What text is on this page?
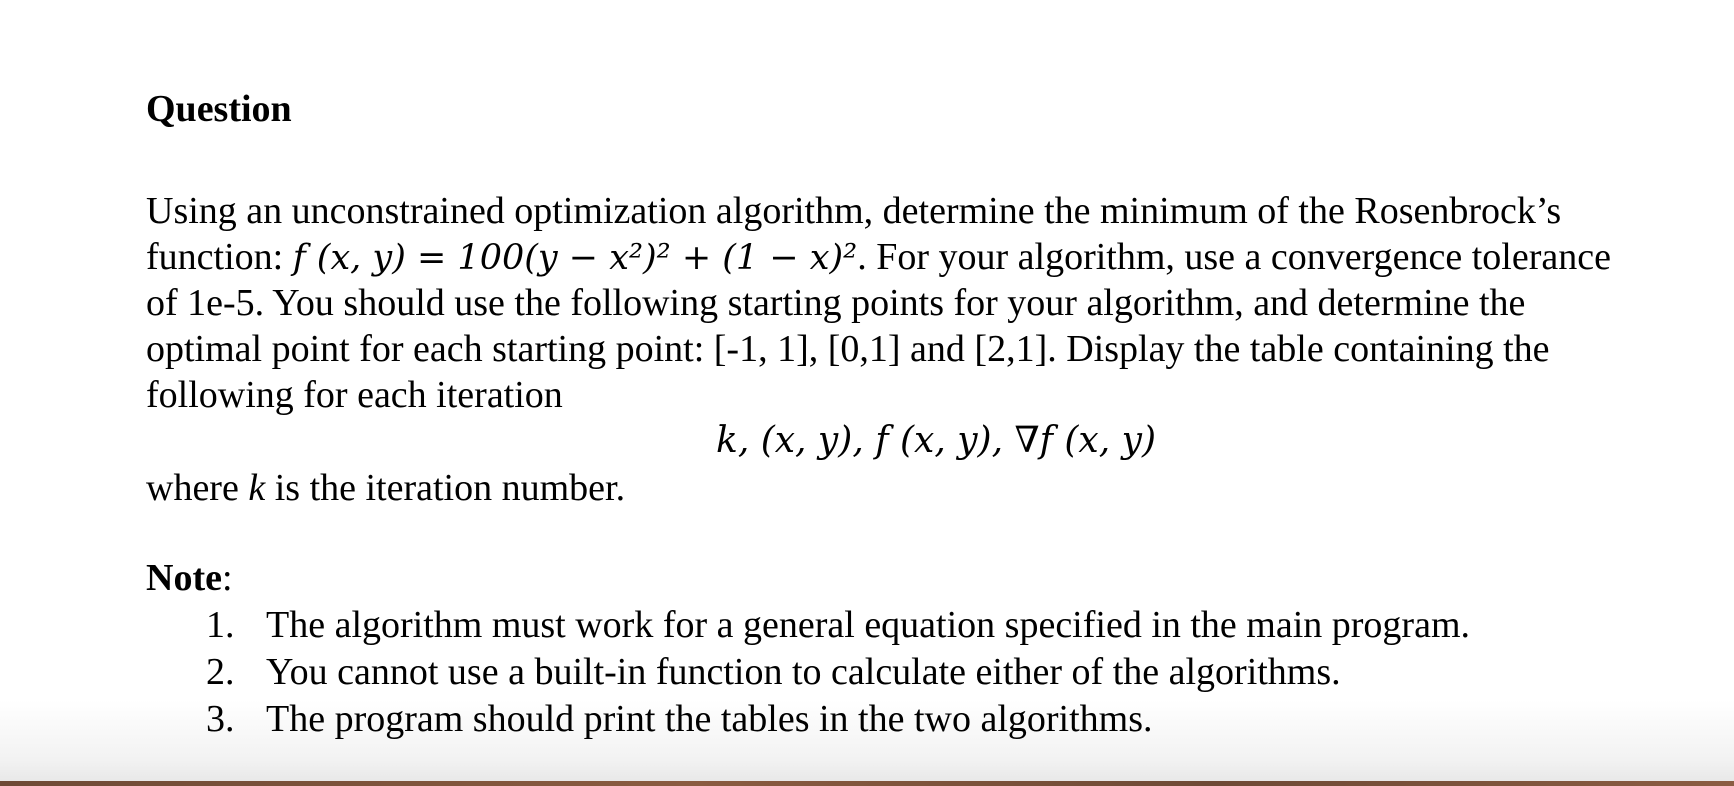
Question
Using an unconstrained optimization algorithm, determine the minimum of the Rosenbrock’s
function: f (x, y) = 100(y − x²)² + (1 − x)². For your algorithm, use a convergence tolerance
of 1e-5. You should use the following starting points for your algorithm, and determine the
optimal point for each starting point: [-1, 1], [0,1] and [2,1]. Display the table containing the
following for each iteration
k, (x, y), f (x, y), ∇f (x, y)
where k is the iteration number.
Note:
1. The algorithm must work for a general equation specified in the main program.
2. You cannot use a built-in function to calculate either of the algorithms.
3. The program should print the tables in the two algorithms.
